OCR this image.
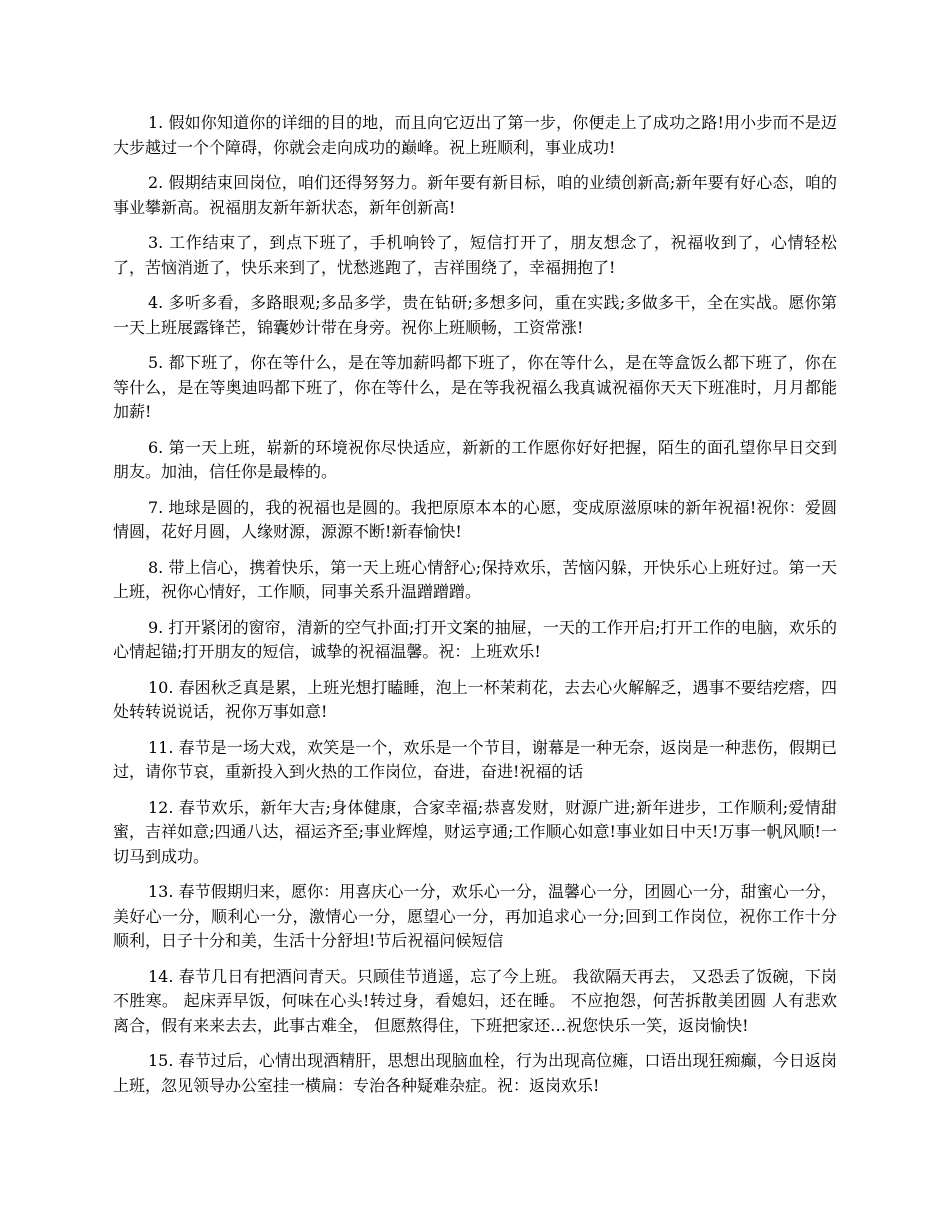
1. 假如你知道你的详细的目的地，而且向它迈出了第一步，你便走上了成功之路!用小步而不是迈大步越过一个个障碍，你就会走向成功的巅峰。祝上班顺利，事业成功!

2. 假期结束回岗位，咱们还得努努力。新年要有新目标，咱的业绩创新高;新年要有好心态，咱的事业攀新高。祝福朋友新年新状态，新年创新高!

3. 工作结束了，到点下班了，手机响铃了，短信打开了，朋友想念了，祝福收到了，心情轻松了，苦恼消逝了，快乐来到了，忧愁逃跑了，吉祥围绕了，幸福拥抱了!

4. 多听多看，多路眼观;多品多学，贵在钻研;多想多问，重在实践;多做多干，全在实战。愿你第一天上班展露锋芒，锦囊妙计带在身旁。祝你上班顺畅，工资常涨!

5. 都下班了，你在等什么，是在等加薪吗都下班了，你在等什么，是在等盒饭么都下班了，你在等什么，是在等奥迪吗都下班了，你在等什么，是在等我祝福么我真诚祝福你天天下班准时，月月都能加薪!

6. 第一天上班，崭新的环境祝你尽快适应，新新的工作愿你好好把握，陌生的面孔望你早日交到朋友。加油，信任你是最棒的。

7. 地球是圆的，我的祝福也是圆的。我把原原本本的心愿，变成原滋原味的新年祝福!祝你：爱圆情圆，花好月圆，人缘财源，源源不断!新春愉快!

8. 带上信心，携着快乐，第一天上班心情舒心;保持欢乐，苦恼闪躲，开快乐心上班好过。第一天上班，祝你心情好，工作顺，同事关系升温蹭蹭蹭。

9. 打开紧闭的窗帘，清新的空气扑面;打开文案的抽屉，一天的工作开启;打开工作的电脑，欢乐的心情起锚;打开朋友的短信，诚挚的祝福温馨。祝：上班欢乐!

10. 春困秋乏真是累，上班光想打瞌睡，泡上一杯茉莉花，去去心火解解乏，遇事不要结疙瘩，四处转转说说话，祝你万事如意!

11. 春节是一场大戏，欢笑是一个，欢乐是一个节目，谢幕是一种无奈，返岗是一种悲伤，假期已过，请你节哀，重新投入到火热的工作岗位，奋进，奋进!祝福的话

12. 春节欢乐，新年大吉;身体健康，合家幸福;恭喜发财，财源广进;新年进步，工作顺利;爱情甜蜜，吉祥如意;四通八达，福运齐至;事业辉煌，财运亨通;工作顺心如意!事业如日中天!万事一帆风顺!一切马到成功。

13. 春节假期归来，愿你：用喜庆心一分，欢乐心一分，温馨心一分，团圆心一分，甜蜜心一分，美好心一分，顺利心一分，激情心一分，愿望心一分，再加追求心一分;回到工作岗位，祝你工作十分顺利，日子十分和美，生活十分舒坦!节后祝福问候短信

14. 春节几日有把酒问青天。只顾佳节逍遥，忘了今上班。 我欲隔天再去， 又恐丢了饭碗，下岗不胜寒。 起床弄早饭，何味在心头!转过身，看媳妇，还在睡。 不应抱怨，何苦拆散美团圆 人有悲欢离合，假有来来去去，此事古难全， 但愿熬得住，下班把家还…祝您快乐一笑，返岗愉快!

15. 春节过后，心情出现酒精肝，思想出现脑血栓，行为出现高位瘫，口语出现狂痴癫，今日返岗上班，忽见领导办公室挂一横扁：专治各种疑难杂症。祝：返岗欢乐!
